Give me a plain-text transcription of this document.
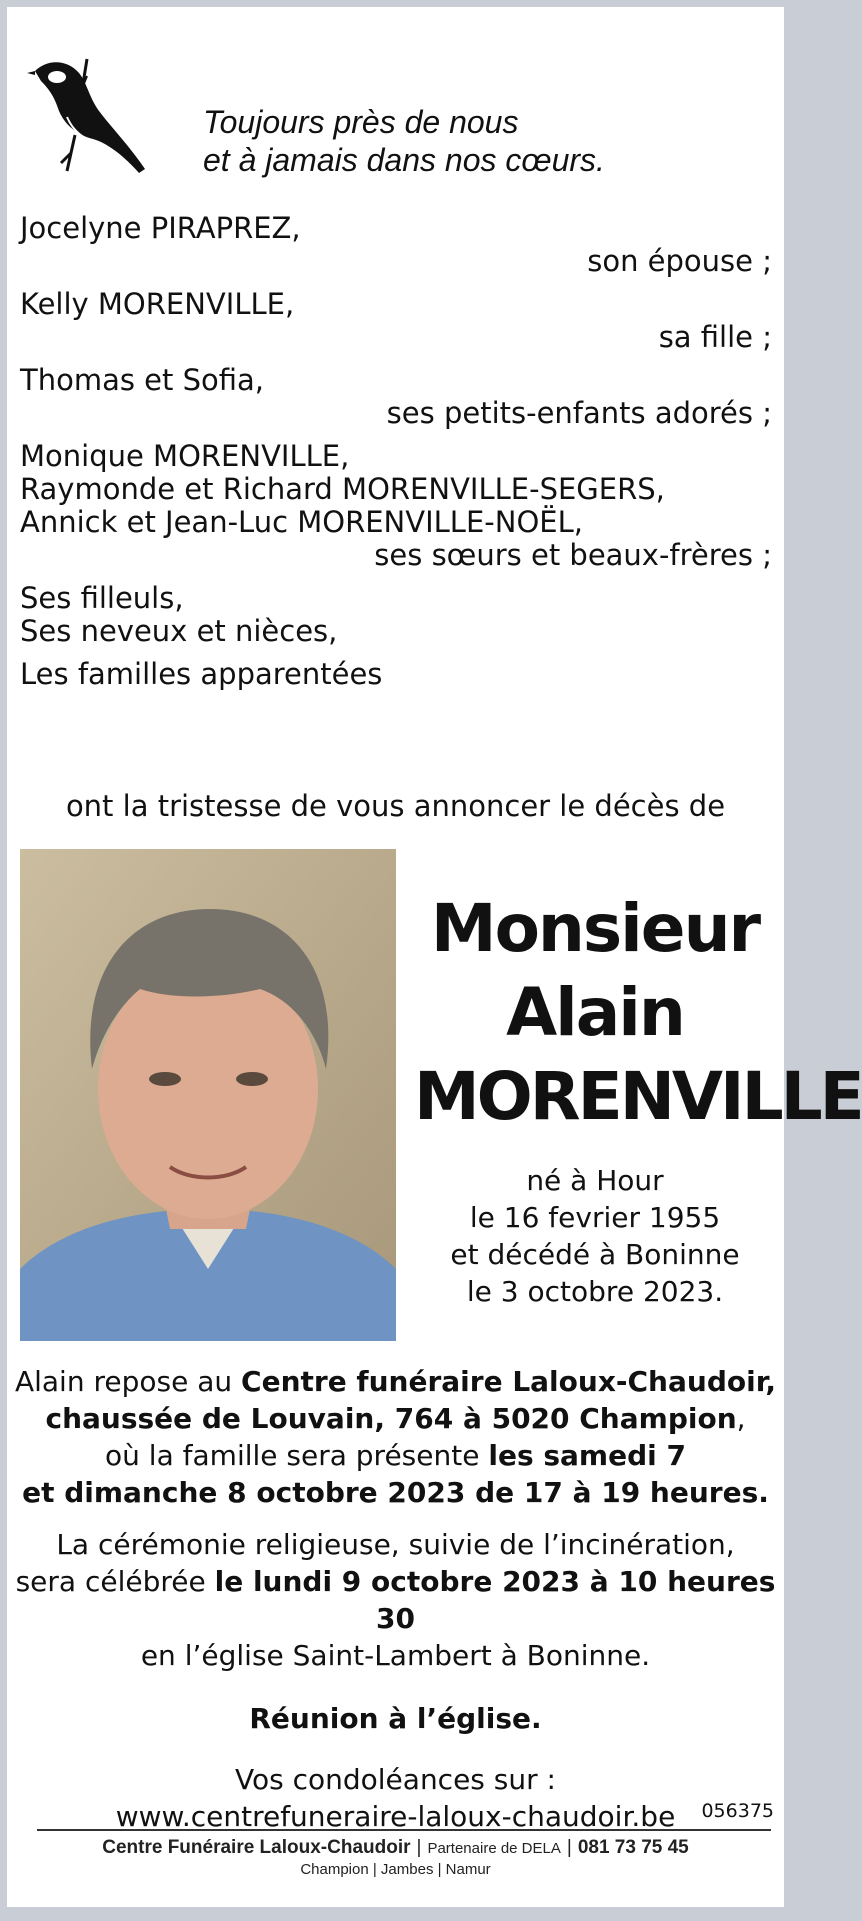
Toujours près de nous
et à jamais dans nos cœurs.
Jocelyne PIRAPREZ,
son épouse ;
Kelly MORENVILLE,
sa fille ;
Thomas et Sofia,
ses petits-enfants adorés ;
Monique MORENVILLE,
Raymonde et Richard MORENVILLE-SEGERS,
Annick et Jean-Luc MORENVILLE-NOËL,
ses sœurs et beaux-frères ;
Ses filleuls,
Ses neveux et nièces,
Les familles apparentées
ont la tristesse de vous annoncer le décès de
Monsieur
Alain
MORENVILLE
né à Hour
le 16 fevrier 1955
et décédé à Boninne
le 3 octobre 2023.

Alain repose au Centre funéraire Laloux-Chaudoir,

chaussée de Louvain, 764 à 5020 Champion,

où la famille sera présente les samedi 7

et dimanche 8 octobre 2023 de 17 à 19 heures.

La cérémonie religieuse, suivie de l’incinération,

sera célébrée le lundi 9 octobre 2023 à 10 heures 30

en l’église Saint-Lambert à Boninne.

Réunion à l’église.

Vos condoléances sur :

www.centrefuneraire-laloux-chaudoir.be	056375
Centre Funéraire Laloux-Chaudoir | Partenaire de DELA | 081 73 75 45
Champion | Jambes | Namur
